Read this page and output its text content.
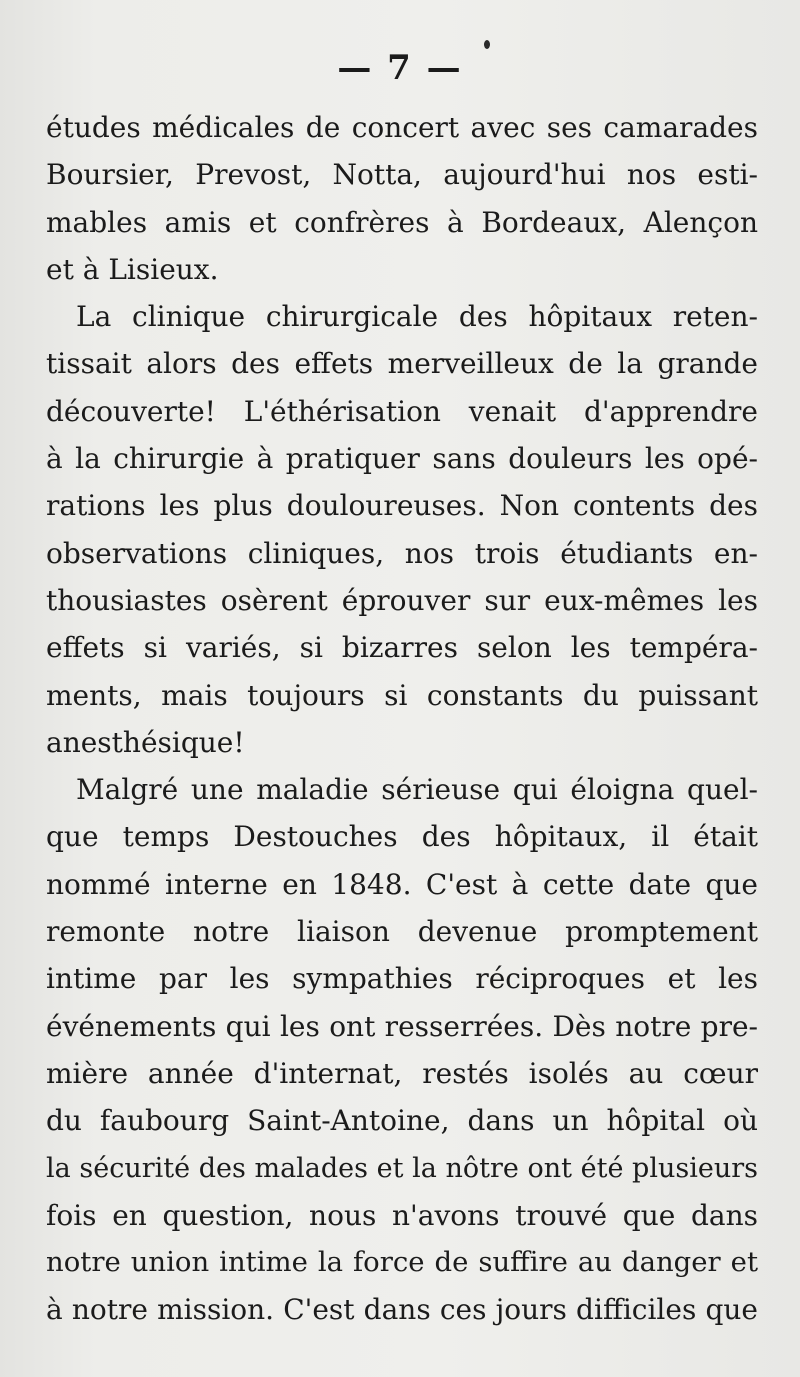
— 7 —
études médicales de concert avec ses camarades
Boursier, Prevost, Notta, aujourd'hui nos esti-
mables amis et confrères à Bordeaux, Alençon
et à Lisieux.
La clinique chirurgicale des hôpitaux reten-
tissait alors des effets merveilleux de la grande
découverte! L'éthérisation venait d'apprendre
à la chirurgie à pratiquer sans douleurs les opé-
rations les plus douloureuses. Non contents des
observations cliniques, nos trois étudiants en-
thousiastes osèrent éprouver sur eux-mêmes les
effets si variés, si bizarres selon les tempéra-
ments, mais toujours si constants du puissant
anesthésique!
Malgré une maladie sérieuse qui éloigna quel-
que temps Destouches des hôpitaux, il était
nommé interne en 1848. C'est à cette date que
remonte notre liaison devenue promptement
intime par les sympathies réciproques et les
événements qui les ont resserrées. Dès notre pre-
mière année d'internat, restés isolés au cœur
du faubourg Saint-Antoine, dans un hôpital où
la sécurité des malades et la nôtre ont été plusieurs
fois en question, nous n'avons trouvé que dans
notre union intime la force de suffire au danger et
à notre mission. C'est dans ces jours difficiles que
